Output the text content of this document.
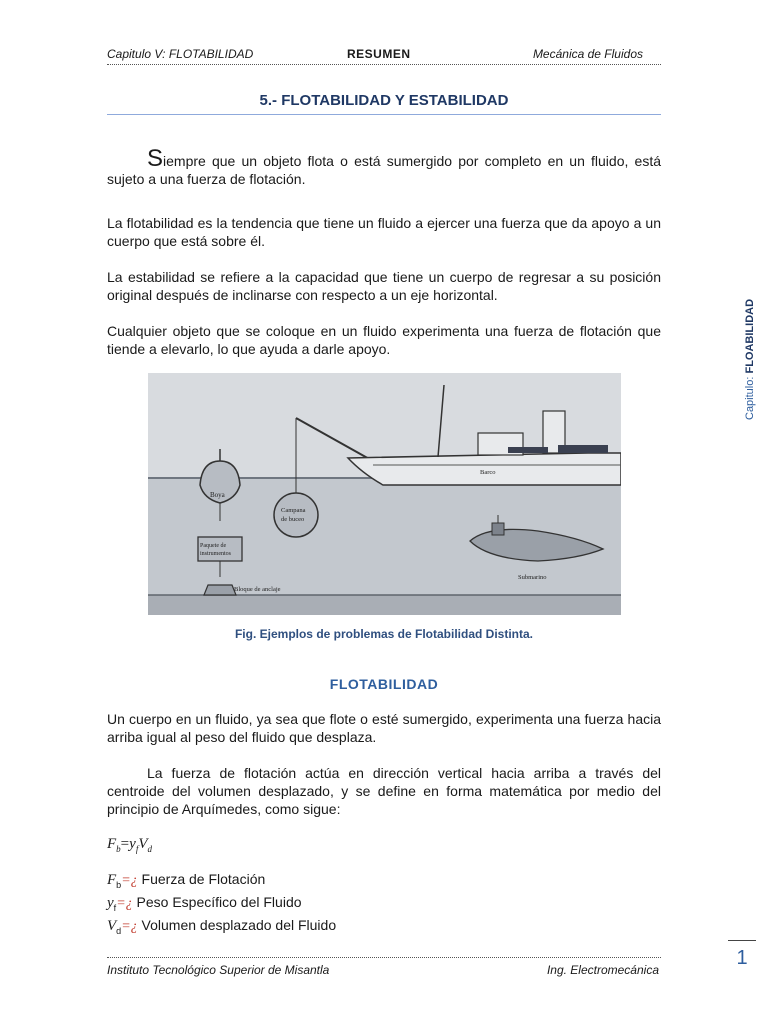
Capitulo V: FLOTABILIDAD	RESUMEN	Mecánica de Fluidos
5.- FLOTABILIDAD Y ESTABILIDAD

Siempre que un objeto flota o está sumergido por completo en un fluido, está sujeto a una fuerza de flotación.

La flotabilidad es la tendencia que tiene un fluido a ejercer una fuerza que da apoyo a un cuerpo que está sobre él.

La estabilidad se refiere a la capacidad que tiene un cuerpo de regresar a su posición original después de inclinarse con respecto a un eje horizontal.

Cualquier objeto que se coloque en un fluido experimenta una fuerza de flotación que tiende a elevarlo, lo que ayuda a darle apoyo.

Boya
Campana
de buceo
Paquete de
instrumentos
Bloque de anclaje
Barco
Submarino
Fig. Ejemplos de problemas de Flotabilidad Distinta.
FLOTABILIDAD

Un cuerpo en un fluido, ya sea que flote o esté sumergido, experimenta una fuerza hacia arriba igual al peso del fluido que desplaza.

La fuerza de flotación actúa en dirección vertical hacia arriba a través del centroide del volumen desplazado, y se define en forma matemática por medio del principio de Arquímedes, como sigue:

$F_b=y_fV_d$
$F_b=¿$ Fuerza de Flotación
$y_f=¿$ Peso Específico del Fluido
$V_d=¿$ Volumen desplazado del Fluido
Instituto Tecnológico Superior de Misantla	Ing. Electromecánica
1
Capitulo: FLOABILIDAD
